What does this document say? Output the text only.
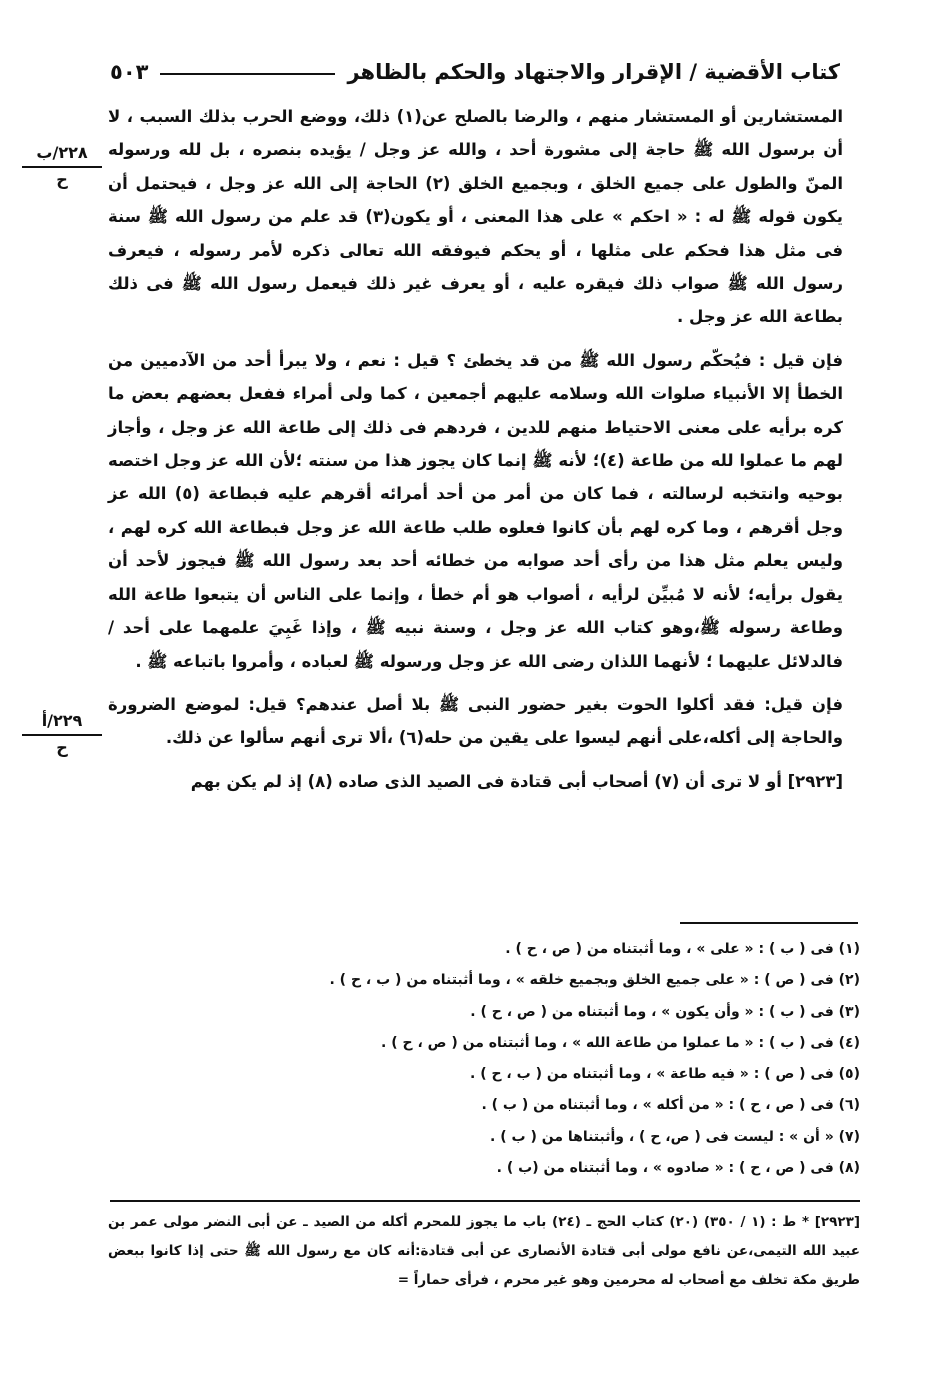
كتاب الأقضية / الإقرار والاجتهاد والحكم بالظاهر
٥٠٣
٢٢٨/ب
ح
٢٢٩/أ
ح

المستشارين أو المستشار منهم ، والرضا بالصلح عن(١) ذلك، ووضع الحرب بذلك السبب ، لا أن برسول الله ﷺ حاجة إلى مشورة أحد ، والله عز وجل / يؤيده بنصره ، بل لله ورسوله المنّ والطول على جميع الخلق ، وبجميع الخلق (٢) الحاجة إلى الله عز وجل ، فيحتمل أن يكون قوله ﷺ له : « احكم » على هذا المعنى ، أو يكون(٣) قد علم من رسول الله ﷺ سنة فى مثل هذا فحكم على مثلها ، أو يحكم فيوفقه الله تعالى ذكره لأمر رسوله ، فيعرف رسول الله ﷺ صواب ذلك فيقره عليه ، أو يعرف غير ذلك فيعمل رسول الله ﷺ فى ذلك بطاعة الله عز وجل .

فإن قيل : فيُحكّم رسول الله ﷺ من قد يخطئ ؟ قيل : نعم ، ولا يبرأ أحد من الآدميين من الخطأ إلا الأنبياء صلوات الله وسلامه عليهم أجمعين ، كما ولى أمراء ففعل بعضهم بعض ما كره برأيه على معنى الاحتياط منهم للدين ، فردهم فى ذلك إلى طاعة الله عز وجل ، وأجاز لهم ما عملوا لله من طاعة (٤)؛ لأنه ﷺ إنما كان يجوز هذا من سنته ؛لأن الله عز وجل اختصه بوحيه وانتخبه لرسالته ، فما كان من أمر من أحد أمرائه أقرهم عليه فبطاعة (٥) الله عز وجل أقرهم ، وما كره لهم بأن كانوا فعلوه طلب طاعة الله عز وجل فبطاعة الله كره لهم ، وليس يعلم مثل هذا من رأى أحد صوابه من خطائه أحد بعد رسول الله ﷺ فيجوز لأحد أن يقول برأيه؛ لأنه لا مُبيِّن لرأيه ، أصواب هو أم خطأ ، وإنما على الناس أن يتبعوا طاعة الله وطاعة رسوله ﷺ،وهو كتاب الله عز وجل ، وسنة نبيه ﷺ ، وإذا غَبِيَ علمهما على أحد / فالدلائل عليهما ؛ لأنهما اللذان رضى الله عز وجل ورسوله ﷺ لعباده ، وأمروا باتباعه ﷺ .

فإن قيل: فقد أكلوا الحوت بغير حضور النبى ﷺ بلا أصل عندهم؟ قيل: لموضع الضرورة والحاجة إلى أكله،على أنهم ليسوا على يقين من حله(٦) ،ألا ترى أنهم سألوا عن ذلك.

[٢٩٢٣] أو لا ترى أن (٧) أصحاب أبى قتادة فى الصيد الذى صاده (٨) إذ لم يكن بهم

(١) فى ( ب ) : « على » ، وما أثبتناه من ( ص ، ح ) .
(٢) فى ( ص ) : « على جميع الخلق وبجميع خلقه » ، وما أثبتناه من ( ب ، ح ) .
(٣) فى ( ب ) : « وأن يكون » ، وما أثبتناه من ( ص ، ح ) .
(٤) فى ( ب ) : « ما عملوا من طاعة الله » ، وما أثبتناه من ( ص ، ح ) .
(٥) فى ( ص ) : « فيه طاعة » ، وما أثبتناه من ( ب ، ح ) .
(٦) فى ( ص ، ح ) : « من أكله » ، وما أثبتناه من ( ب ) .
(٧) « أن » : ليست فى ( ص، ح ) ، وأثبتناها من ( ب ) .
(٨) فى ( ص ، ح ) : « صادوه » ، وما أثبتناه من (ب ) .
[٢٩٢٣] * ط : (١ / ٣٥٠) (٢٠) كتاب الحج ـ (٢٤) باب ما يجوز للمحرم أكله من الصيد ـ عن أبى النضر مولى عمر بن عبيد الله التيمى،عن نافع مولى أبى قتادة الأنصارى عن أبى قتادة:أنه كان مع رسول الله ﷺ حتى إذا كانوا ببعض طريق مكة تخلف مع أصحاب له محرمين وهو غير محرم ، فرأى حماراً =
